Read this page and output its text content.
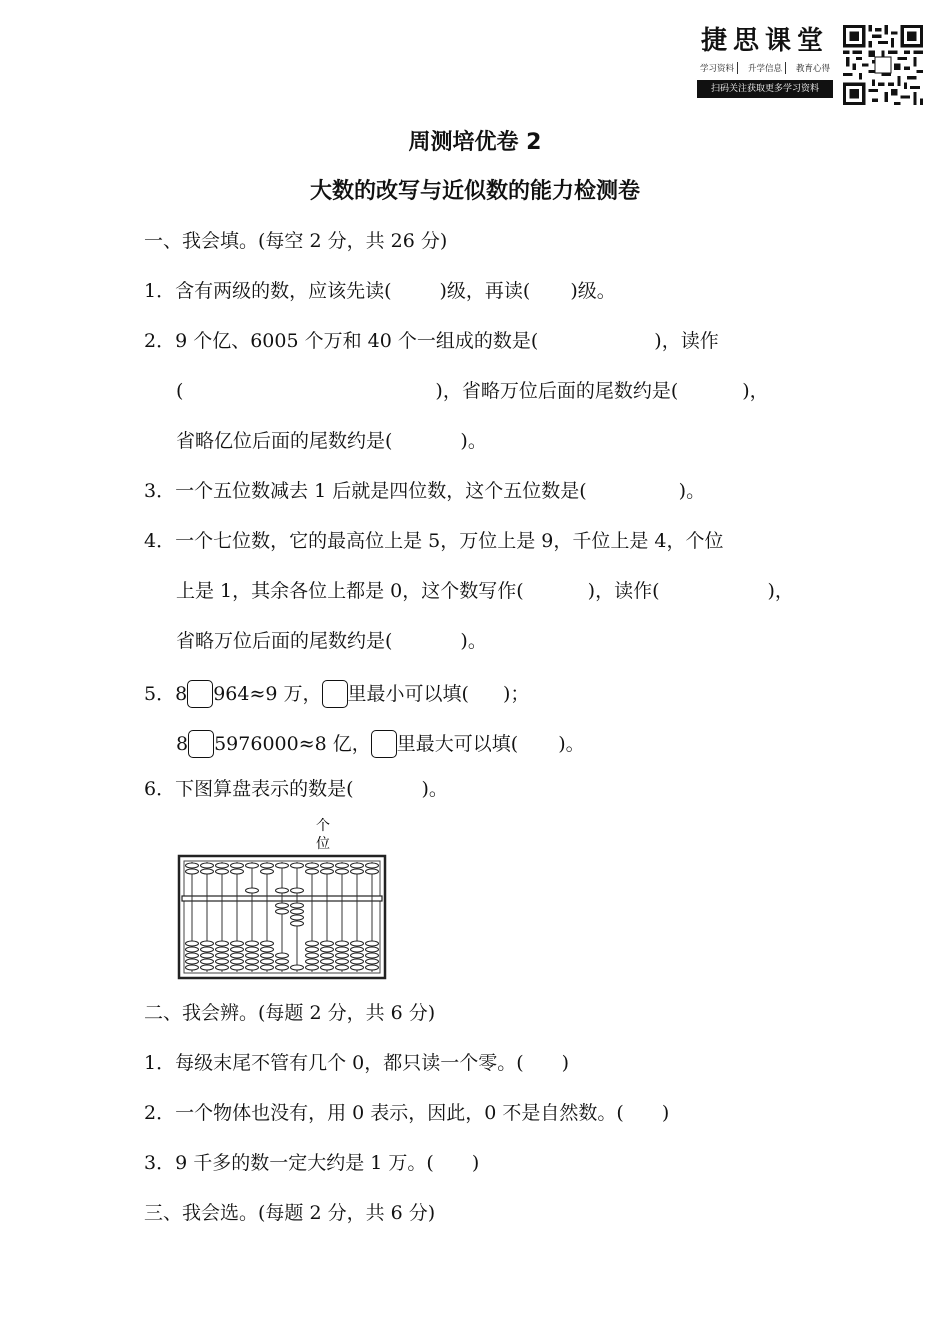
捷思课堂
学习资料	升学信息	教育心得
扫码关注获取更多学习资料
周测培优卷 2
大数的改写与近似数的能力检测卷
一、我会填。(每空 2 分，共 26 分)
1．含有两级的数，应该先读(	)级，再读( )级。
2．9 个亿、6005 个万和 40 个一组成的数是(	)，读作
(	)，省略万位后面的尾数约是(	)，
省略亿位后面的尾数约是(	)。
3．一个五位数减去 1 后就是四位数，这个五位数是(	)。
4．一个七位数，它的最高位上是 5，万位上是 9，千位上是 4，个位
上是 1，其余各位上都是 0，这个数写作(	)，读作(	)，
省略万位后面的尾数约是(	)。
5．8 964≈9 万， 里最小可以填( )；
8 5976000≈8 亿， 里最大可以填( )。
6．下图算盘表示的数是(	)。
个
位
二、我会辨。(每题 2 分，共 6 分)
1．每级末尾不管有几个 0，都只读一个零。( )
2．一个物体也没有，用 0 表示，因此，0 不是自然数。( )
3．9 千多的数一定大约是 1 万。( )
三、我会选。(每题 2 分，共 6 分)
